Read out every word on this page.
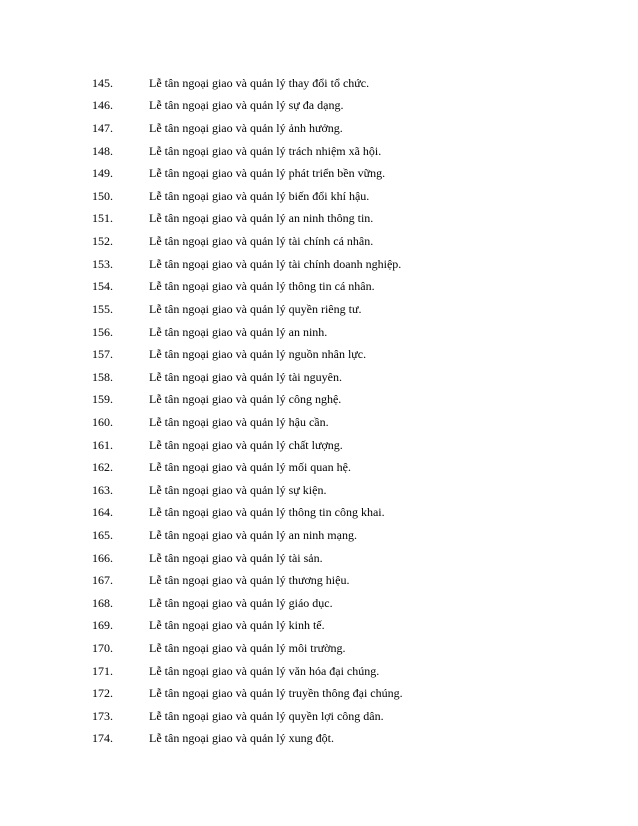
145.	Lễ tân ngoại giao và quản lý thay đổi tổ chức.
146.	Lễ tân ngoại giao và quản lý sự đa dạng.
147.	Lễ tân ngoại giao và quản lý ảnh hưởng.
148.	Lễ tân ngoại giao và quản lý trách nhiệm xã hội.
149.	Lễ tân ngoại giao và quản lý phát triển bền vững.
150.	Lễ tân ngoại giao và quản lý biến đổi khí hậu.
151.	Lễ tân ngoại giao và quản lý an ninh thông tin.
152.	Lễ tân ngoại giao và quản lý tài chính cá nhân.
153.	Lễ tân ngoại giao và quản lý tài chính doanh nghiệp.
154.	Lễ tân ngoại giao và quản lý thông tin cá nhân.
155.	Lễ tân ngoại giao và quản lý quyền riêng tư.
156.	Lễ tân ngoại giao và quản lý an ninh.
157.	Lễ tân ngoại giao và quản lý nguồn nhân lực.
158.	Lễ tân ngoại giao và quản lý tài nguyên.
159.	Lễ tân ngoại giao và quản lý công nghệ.
160.	Lễ tân ngoại giao và quản lý hậu cần.
161.	Lễ tân ngoại giao và quản lý chất lượng.
162.	Lễ tân ngoại giao và quản lý mối quan hệ.
163.	Lễ tân ngoại giao và quản lý sự kiện.
164.	Lễ tân ngoại giao và quản lý thông tin công khai.
165.	Lễ tân ngoại giao và quản lý an ninh mạng.
166.	Lễ tân ngoại giao và quản lý tài sản.
167.	Lễ tân ngoại giao và quản lý thương hiệu.
168.	Lễ tân ngoại giao và quản lý giáo dục.
169.	Lễ tân ngoại giao và quản lý kinh tế.
170.	Lễ tân ngoại giao và quản lý môi trường.
171.	Lễ tân ngoại giao và quản lý văn hóa đại chúng.
172.	Lễ tân ngoại giao và quản lý truyền thông đại chúng.
173.	Lễ tân ngoại giao và quản lý quyền lợi công dân.
174.	Lễ tân ngoại giao và quản lý xung đột.
